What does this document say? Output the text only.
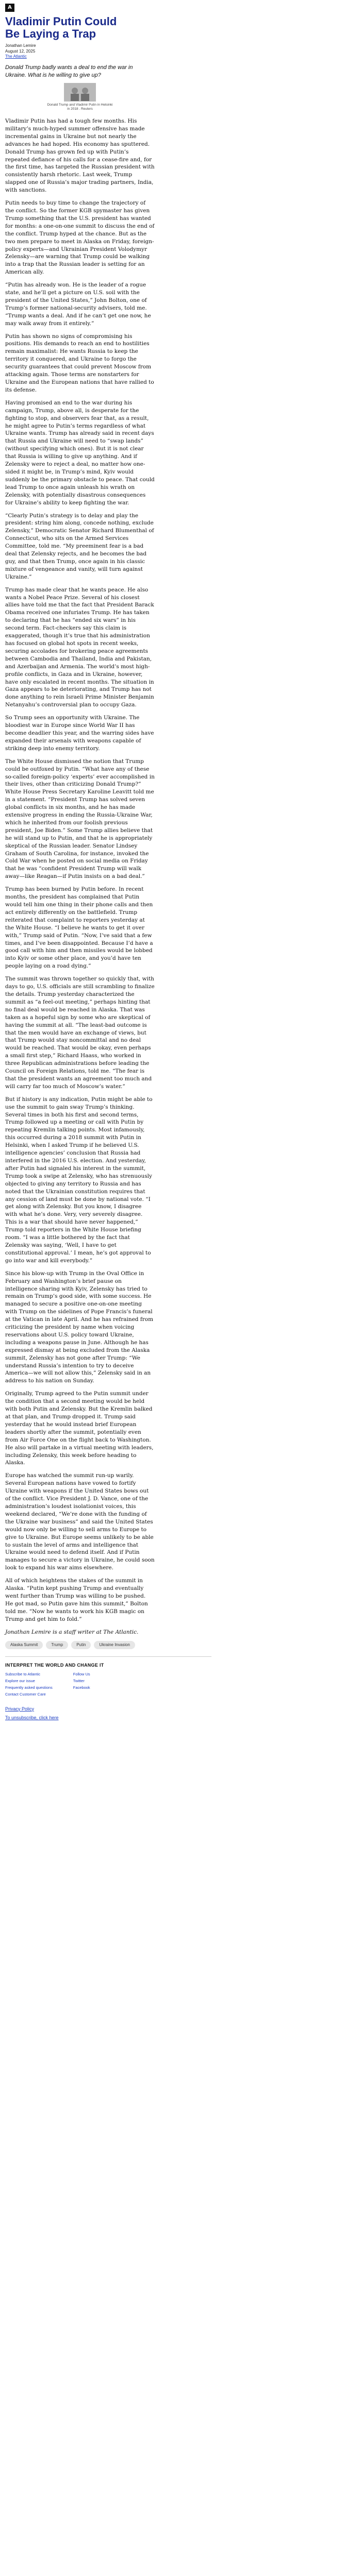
A
Vladimir Putin Could Be Laying a Trap
Jonathan Lemire
August 12, 2025
The Atlantic
Donald Trump badly wants a deal to end the war in Ukraine. What is he willing to give up?
Donald Trump and Vladimir Putin in Helsinki in 2018 . Reuters

Vladimir Putin has had a tough few months. His military’s much-hyped summer offensive has made incremental gains in Ukraine but not nearly the advances he had hoped. His economy has sputtered. Donald Trump has grown fed up with Putin’s repeated defiance of his calls for a cease-fire and, for the first time, has targeted the Russian president with consistently harsh rhetoric. Last week, Trump slapped one of Russia’s major trading partners, India, with sanctions.

Putin needs to buy time to change the trajectory of the conflict. So the former KGB spymaster has given Trump something that the U.S. president has wanted for months: a one-on-one summit to discuss the end of the conflict. Trump hyped at the chance. But as the two men prepare to meet in Alaska on Friday, foreign-policy experts—and Ukrainian President Volodymyr Zelensky—are warning that Trump could be walking into a trap that the Russian leader is setting for an American ally.

“Putin has already won. He is the leader of a rogue state, and he’ll get a picture on U.S. soil with the president of the United States,” John Bolton, one of Trump’s former national-security advisers, told me. “Trump wants a deal. And if he can’t get one now, he may walk away from it entirely.”

Putin has shown no signs of compromising his positions. His demands to reach an end to hostilities remain maximalist: He wants Russia to keep the territory it conquered, and Ukraine to forgo the security guarantees that could prevent Moscow from attacking again. Those terms are nonstarters for Ukraine and the European nations that have rallied to its defense.

Having promised an end to the war during his campaign, Trump, above all, is desperate for the fighting to stop, and observers fear that, as a result, he might agree to Putin’s terms regardless of what Ukraine wants. Trump has already said in recent days that Russia and Ukraine will need to “swap lands” (without specifying which ones). But it is not clear that Russia is willing to give up anything. And if Zelensky were to reject a deal, no matter how one-sided it might be, in Trump’s mind, Kyiv would suddenly be the primary obstacle to peace. That could lead Trump to once again unleash his wrath on Zelensky, with potentially disastrous consequences for Ukraine’s ability to keep fighting the war.

“Clearly Putin’s strategy is to delay and play the president: string him along, concede nothing, exclude Zelensky,” Democratic Senator Richard Blumenthal of Connecticut, who sits on the Armed Services Committee, told me. “My preeminent fear is a bad deal that Zelensky rejects, and he becomes the bad guy, and that then Trump, once again in his classic mixture of vengeance and vanity, will turn against Ukraine.”

Trump has made clear that he wants peace. He also wants a Nobel Peace Prize. Several of his closest allies have told me that the fact that President Barack Obama received one infuriates Trump. He has taken to declaring that he has “ended six wars” in his second term. Fact-checkers say this claim is exaggerated, though it’s true that his administration has focused on global hot spots in recent weeks, securing accolades for brokering peace agreements between Cambodia and Thailand, India and Pakistan, and Azerbaijan and Armenia. The world’s most high-profile conflicts, in Gaza and in Ukraine, however, have only escalated in recent months. The situation in Gaza appears to be deteriorating, and Trump has not done anything to rein Israeli Prime Minister Benjamin Netanyahu’s controversial plan to occupy Gaza.

So Trump sees an opportunity with Ukraine. The bloodiest war in Europe since World War II has become deadlier this year, and the warring sides have expanded their arsenals with weapons capable of striking deep into enemy territory.

The White House dismissed the notion that Trump could be outfoxed by Putin. “What have any of these so-called foreign-policy ‘experts’ ever accomplished in their lives, other than criticizing Donald Trump?” White House Press Secretary Karoline Leavitt told me in a statement. “President Trump has solved seven global conflicts in six months, and he has made extensive progress in ending the Russia-Ukraine War, which he inherited from our foolish previous president, Joe Biden.” Some Trump allies believe that he will stand up to Putin, and that he is appropriately skeptical of the Russian leader. Senator Lindsey Graham of South Carolina, for instance, invoked the Cold War when he posted on social media on Friday that he was “confident President Trump will walk away—like Reagan—if Putin insists on a bad deal.”

Trump has been burned by Putin before. In recent months, the president has complained that Putin would tell him one thing in their phone calls and then act entirely differently on the battlefield. Trump reiterated that complaint to reporters yesterday at the White House. “I believe he wants to get it over with,” Trump said of Putin. “Now, I’ve said that a few times, and I’ve been disappointed. Because I’d have a good call with him and then missiles would be lobbed into Kyiv or some other place, and you’d have ten people laying on a road dying.”

The summit was thrown together so quickly that, with days to go, U.S. officials are still scrambling to finalize the details. Trump yesterday characterized the summit as “a feel-out meeting,” perhaps hinting that no final deal would be reached in Alaska. That was taken as a hopeful sign by some who are skeptical of having the summit at all. “The least-bad outcome is that the men would have an exchange of views, but that Trump would stay noncommittal and no deal would be reached. That would be okay, even perhaps a small first step,” Richard Haass, who worked in three Republican administrations before leading the Council on Foreign Relations, told me. “The fear is that the president wants an agreement too much and will carry far too much of Moscow’s water.”

But if history is any indication, Putin might be able to use the summit to gain sway Trump’s thinking. Several times in both his first and second terms, Trump followed up a meeting or call with Putin by repeating Kremlin talking points. Most infamously, this occurred during a 2018 summit with Putin in Helsinki, when I asked Trump if he believed U.S. intelligence agencies’ conclusion that Russia had interfered in the 2016 U.S. election. And yesterday, after Putin had signaled his interest in the summit, Trump took a swipe at Zelensky, who has strenuously objected to giving any territory to Russia and has noted that the Ukrainian constitution requires that any cession of land must be done by national vote. “I get along with Zelensky. But you know, I disagree with what he’s done. Very, very severely disagree. This is a war that should have never happened,” Trump told reporters in the White House briefing room. “I was a little bothered by the fact that Zelensky was saying, ‘Well, I have to get constitutional approval.’ I mean, he’s got approval to go into war and kill everybody.”

Since his blow-up with Trump in the Oval Office in February and Washington’s brief pause on intelligence sharing with Kyiv, Zelensky has tried to remain on Trump’s good side, with some success. He managed to secure a positive one-on-one meeting with Trump on the sidelines of Pope Francis’s funeral at the Vatican in late April. And he has refrained from criticizing the president by name when voicing reservations about U.S. policy toward Ukraine, including a weapons pause in June. Although he has expressed dismay at being excluded from the Alaska summit, Zelensky has not gone after Trump: “We understand Russia’s intention to try to deceive America—we will not allow this,” Zelensky said in an address to his nation on Sunday.

Originally, Trump agreed to the Putin summit under the condition that a second meeting would be held with both Putin and Zelensky. But the Kremlin balked at that plan, and Trump dropped it. Trump said yesterday that he would instead brief European leaders shortly after the summit, potentially even from Air Force One on the flight back to Washington. He also will partake in a virtual meeting with leaders, including Zelensky, this week before heading to Alaska.

Europe has watched the summit run-up warily. Several European nations have vowed to fortify Ukraine with weapons if the United States bows out of the conflict. Vice President J. D. Vance, one of the administration’s loudest isolationist voices, this weekend declared, “We’re done with the funding of the Ukraine war business” and said the United States would now only be willing to sell arms to Europe to give to Ukraine. But Europe seems unlikely to be able to sustain the level of arms and intelligence that Ukraine would need to defend itself. And if Putin manages to secure a victory in Ukraine, he could soon look to expand his war aims elsewhere.

All of which heightens the stakes of the summit in Alaska. “Putin kept pushing Trump and eventually went further than Trump was willing to be pushed. He got mad, so Putin gave him this summit,” Bolton told me. “Now he wants to work his KGB magic on Trump and get him to fold.”

Jonathan Lemire is a staff writer at The Atlantic.

Alaska Summit	Trump	Putin	Ukraine Invasion
INTERPRET THE WORLD AND CHANGE IT
Subscribe to Atlantic
Explore our issue
Frequently asked questions
Contact Customer Care
Follow Us
Twitter
Facebook
Privacy Policy
To unsubscribe, click here
